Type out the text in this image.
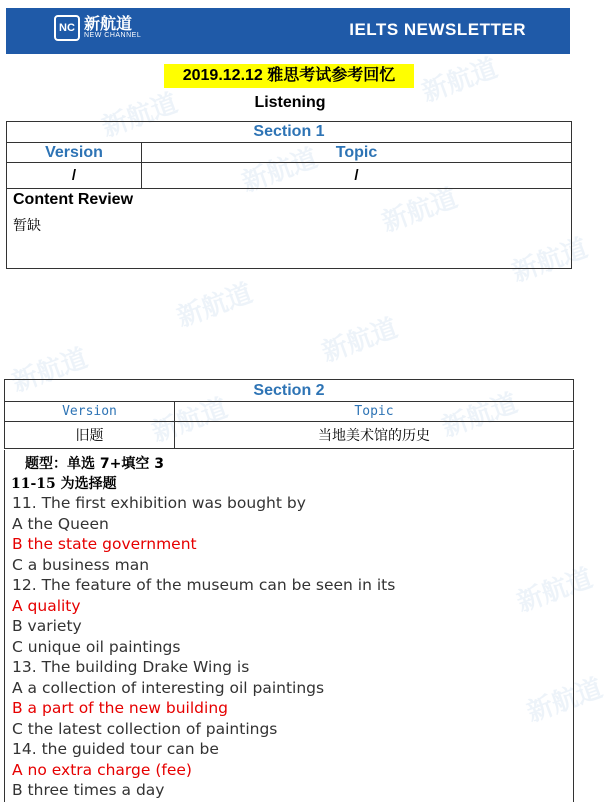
新航道
新航道
新航道
新航道
新航道
新航道
新航道
新航道
新航道	新航道
新航道
新航道
NC 新航道
NEW CHANNEL	IELTS NEWSLETTER
2019.12.12 雅思考试参考回忆
Listening
Section 1	
Version	Topic
/	/

Content Review
暂缺	
Section 2	
Version	Topic
旧题	当地美术馆的历史
题型：单选 7+填空 3
11-15 为选择题
11. The first exhibition was bought by
A the Queen
B the state government
C a business man
12. The feature of the museum can be seen in its
A quality
B variety
C unique oil paintings
13. The building Drake Wing is
A a collection of interesting oil paintings
B a part of the new building
C the latest collection of paintings
14. the guided tour can be
A no extra charge (fee)
B three times a day
